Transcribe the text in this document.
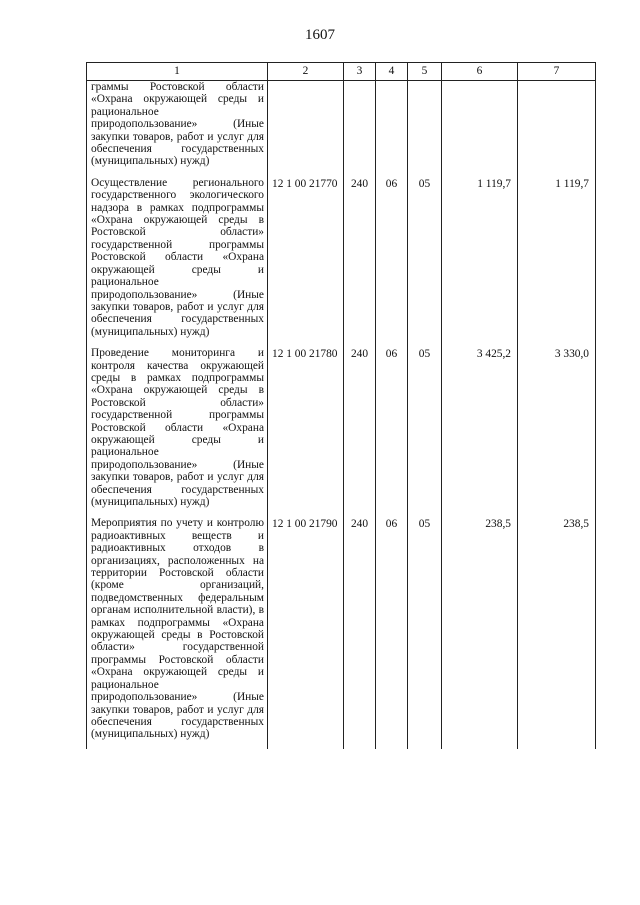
1607
1	2	3	4	5	6	7
граммы Ростовской области «Охрана окружающей среды и рациональное природопользование» (Иные закупки товаров, работ и услуг для обеспечения государственных (муниципальных) нужд)						
Осуществление регионального государственного экологического надзора в рамках подпрограммы «Охрана окружающей среды в Ростовской области» государственной программы Ростовской области «Охрана окружающей среды и рациональное природопользование» (Иные закупки товаров, работ и услуг для обеспечения государственных (муниципальных) нужд)	12 1 00 21770	240	06	05	1 119,7	1 119,7
Проведение мониторинга и контроля качества окружающей среды в рамках подпрограммы «Охрана окружающей среды в Ростовской области» государственной программы Ростовской области «Охрана окружающей среды и рациональное природопользование» (Иные закупки товаров, работ и услуг для обеспечения государственных (муниципальных) нужд)	12 1 00 21780	240	06	05	3 425,2	3 330,0
Мероприятия по учету и контролю радиоактивных веществ и радиоактивных отходов в организациях, расположенных на территории Ростовской области (кроме организаций, подведомственных федеральным органам исполнительной власти), в рамках подпрограммы «Охрана окружающей среды в Ростовской области» государственной программы Ростовской области «Охрана окружающей среды и рациональное природопользование» (Иные закупки товаров, работ и услуг для обеспечения государственных (муниципальных) нужд)	12 1 00 21790	240	06	05	238,5	238,5
